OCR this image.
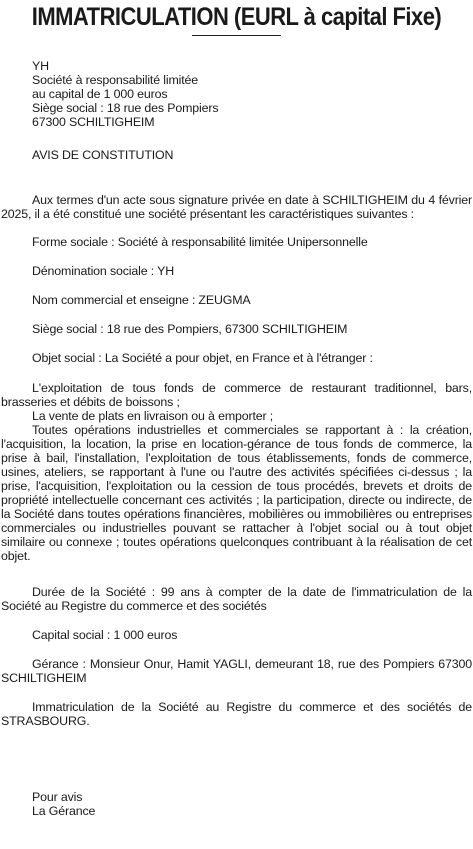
IMMATRICULATION (EURL à capital Fixe)
YH
Société à responsabilité limitée
au capital de 1 000 euros
Siège social : 18 rue des Pompiers
67300 SCHILTIGHEIM
AVIS DE CONSTITUTION
Aux termes d'un acte sous signature privée en date à SCHILTIGHEIM du 4 février 2025, il a été constitué une société présentant les caractéristiques suivantes :
Forme sociale : Société à responsabilité limitée Unipersonnelle
Dénomination sociale : YH
Nom commercial et enseigne : ZEUGMA
Siège social : 18 rue des Pompiers, 67300 SCHILTIGHEIM
Objet social : La Société a pour objet, en France et à l'étranger :
L'exploitation de tous fonds de commerce de restaurant traditionnel, bars, brasseries et débits de boissons ;
La vente de plats en livraison ou à emporter ;
Toutes opérations industrielles et commerciales se rapportant à : la création, l'acquisition, la location, la prise en location-gérance de tous fonds de commerce, la prise à bail, l'installation, l'exploitation de tous établissements, fonds de commerce, usines, ateliers, se rapportant à l'une ou l'autre des activités spécifiées ci-dessus ; la prise, l'acquisition, l'exploitation ou la cession de tous procédés, brevets et droits de propriété intellectuelle concernant ces activités ; la participation, directe ou indirecte, de la Société dans toutes opérations financières, mobilières ou immobilières ou entreprises commerciales ou industrielles pouvant se rattacher à l'objet social ou à tout objet similaire ou connexe ; toutes opérations quelconques contribuant à la réalisation de cet objet.
Durée de la Société : 99 ans à compter de la date de l'immatriculation de la Société au Registre du commerce et des sociétés
Capital social : 1 000 euros
Gérance : Monsieur Onur, Hamit YAGLI, demeurant 18, rue des Pompiers 67300 SCHILTIGHEIM
Immatriculation de la Société au Registre du commerce et des sociétés de STRASBOURG.
Pour avis
La Gérance
